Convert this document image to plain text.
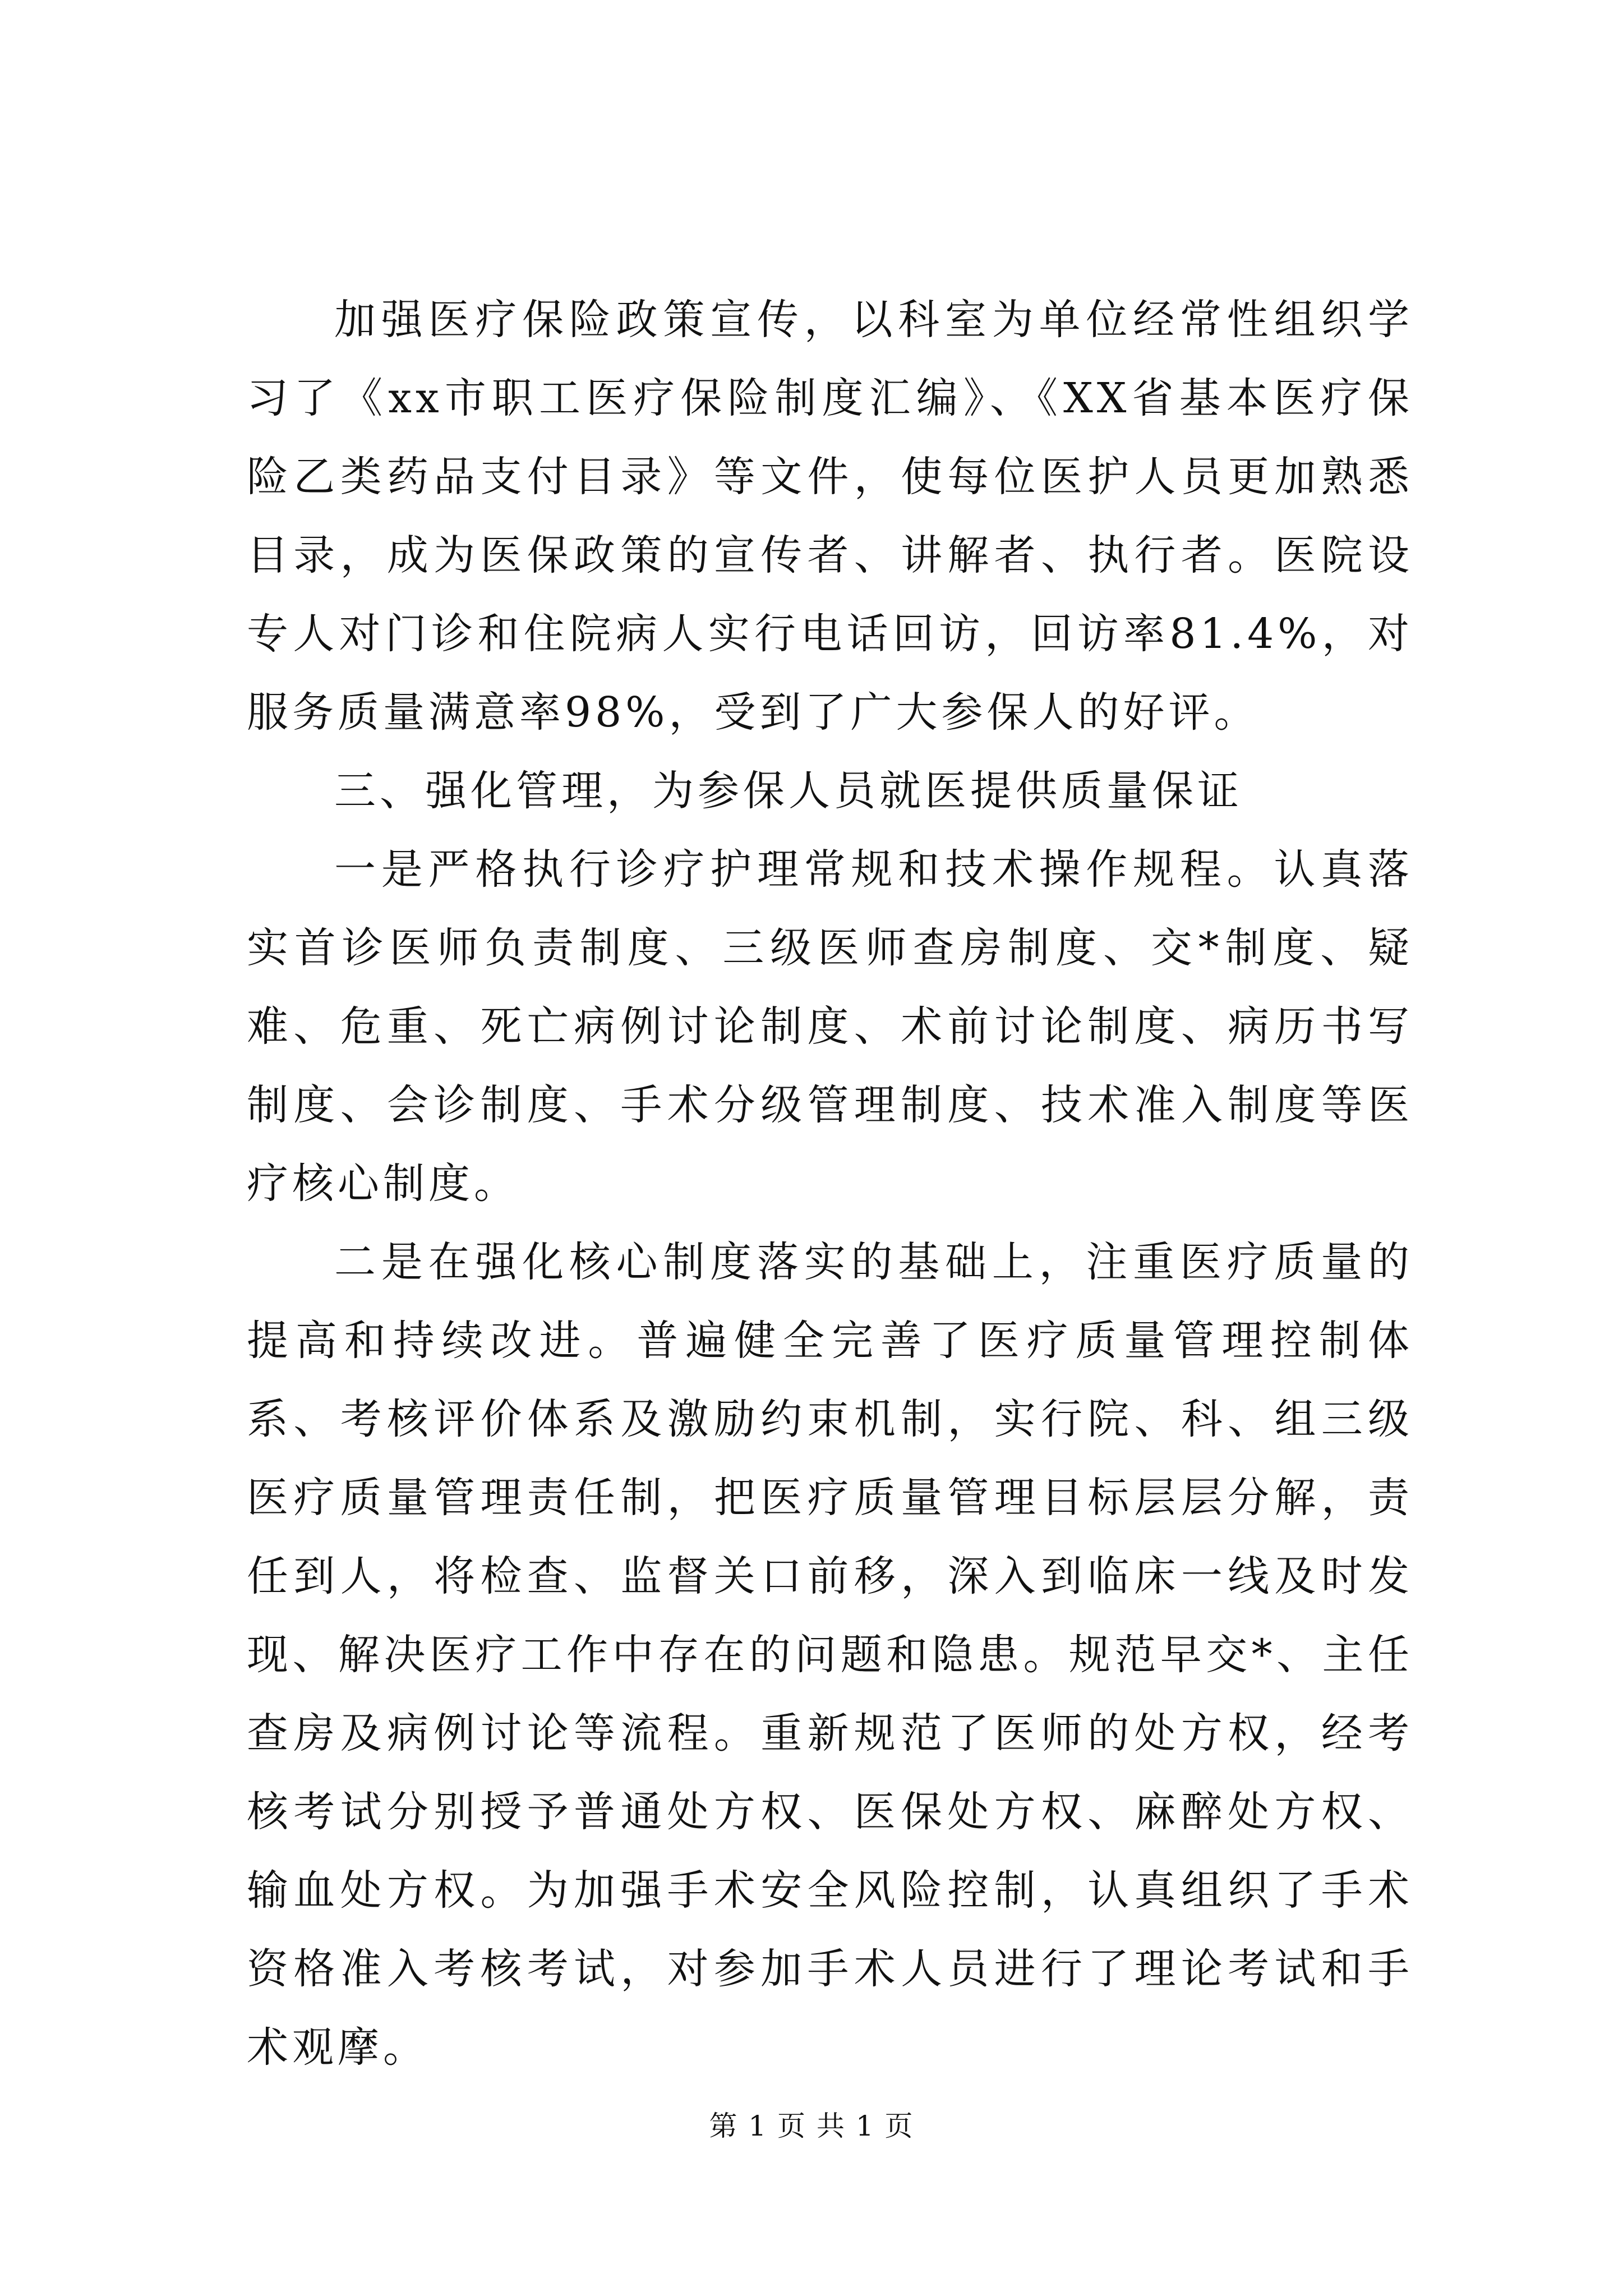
加强医疗保险政策宣传，以科室为单位经常性组织学习了《xx市职工医疗保险制度汇编》、《XX省基本医疗保险乙类药品支付目录》等文件，使每位医护人员更加熟悉目录，成为医保政策的宣传者、讲解者、执行者。医院设专人对门诊和住院病人实行电话回访，回访率81.4%，对服务质量满意率98%，受到了广大参保人的好评。

三、强化管理，为参保人员就医提供质量保证

一是严格执行诊疗护理常规和技术操作规程。认真落实首诊医师负责制度、三级医师查房制度、交*制度、疑难、危重、死亡病例讨论制度、术前讨论制度、病历书写制度、会诊制度、手术分级管理制度、技术准入制度等医疗核心制度。

二是在强化核心制度落实的基础上，注重医疗质量的提高和持续改进。普遍健全完善了医疗质量管理控制体系、考核评价体系及激励约束机制，实行院、科、组三级医疗质量管理责任制，把医疗质量管理目标层层分解，责任到人，将检查、监督关口前移，深入到临床一线及时发现、解决医疗工作中存在的问题和隐患。规范早交*、主任查房及病例讨论等流程。重新规范了医师的处方权，经考核考试分别授予普通处方权、医保处方权、麻醉处方权、输血处方权。为加强手术安全风险控制，认真组织了手术资格准入考核考试，对参加手术人员进行了理论考试和手术观摩。

第 1 页 共 1 页
